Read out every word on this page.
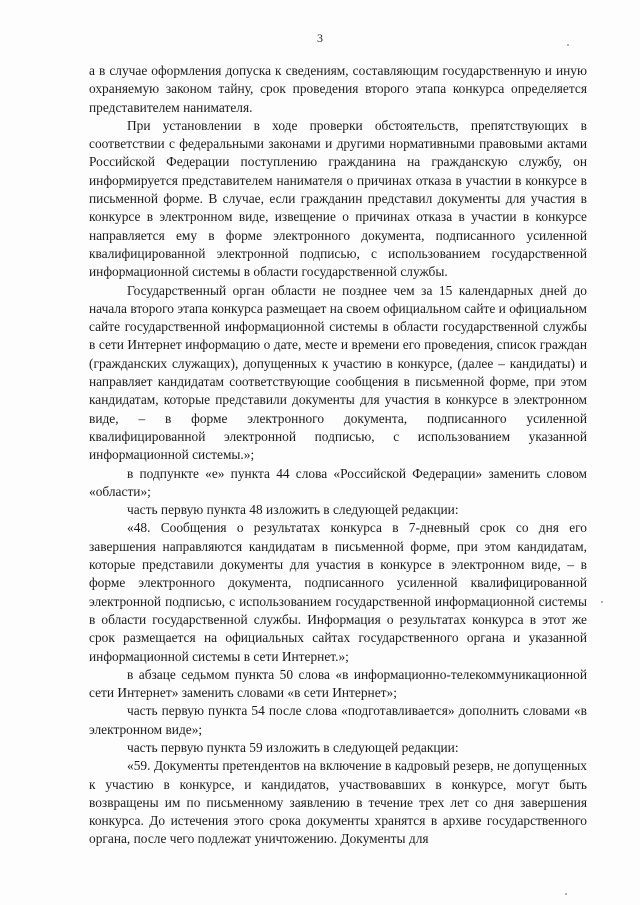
3

а в случае оформления допуска к сведениям, составляющим государственную и иную охраняемую законом тайну, срок проведения второго этапа конкурса определяется представителем нанимателя.

При установлении в ходе проверки обстоятельств, препятствующих в соответствии с федеральными законами и другими нормативными правовыми актами Российской Федерации поступлению гражданина на гражданскую службу, он информируется представителем нанимателя о причинах отказа в участии в конкурсе в письменной форме. В случае, если гражданин представил документы для участия в конкурсе в электронном виде, извещение о причинах отказа в участии в конкурсе направляется ему в форме электронного документа, подписанного усиленной квалифицированной электронной подписью, с использованием государственной информационной системы в области государственной службы.

Государственный орган области не позднее чем за 15 календарных дней до начала второго этапа конкурса размещает на своем официальном сайте и официальном сайте государственной информационной системы в области государственной службы в сети Интернет информацию о дате, месте и времени его проведения, список граждан (гражданских служащих), допущенных к участию в конкурсе, (далее – кандидаты) и направляет кандидатам соответствующие сообщения в письменной форме, при этом кандидатам, которые представили документы для участия в конкурсе в электронном виде, – в форме электронного документа, подписанного усиленной квалифицированной электронной подписью, с использованием указанной информационной системы.»;

в подпункте «е» пункта 44 слова «Российской Федерации» заменить словом «области»;

часть первую пункта 48 изложить в следующей редакции:

«48. Сообщения о результатах конкурса в 7-дневный срок со дня его завершения направляются кандидатам в письменной форме, при этом кандидатам, которые представили документы для участия в конкурсе в электронном виде, – в форме электронного документа, подписанного усиленной квалифицированной электронной подписью, с использованием государственной информационной системы в области государственной службы. Информация о результатах конкурса в этот же срок размещается на официальных сайтах государственного органа и указанной информационной системы в сети Интернет.»;

в абзаце седьмом пункта 50 слова «в информационно-телекоммуникационной сети Интернет» заменить словами «в сети Интернет»;

часть первую пункта 54 после слова «подготавливается» дополнить словами «в электронном виде»;

часть первую пункта 59 изложить в следующей редакции:

«59. Документы претендентов на включение в кадровый резерв, не допущенных к участию в конкурсе, и кандидатов, участвовавших в конкурсе, могут быть возвращены им по письменному заявлению в течение трех лет со дня завершения конкурса. До истечения этого срока документы хранятся в архиве государственного органа, после чего подлежат уничтожению. Документы для
